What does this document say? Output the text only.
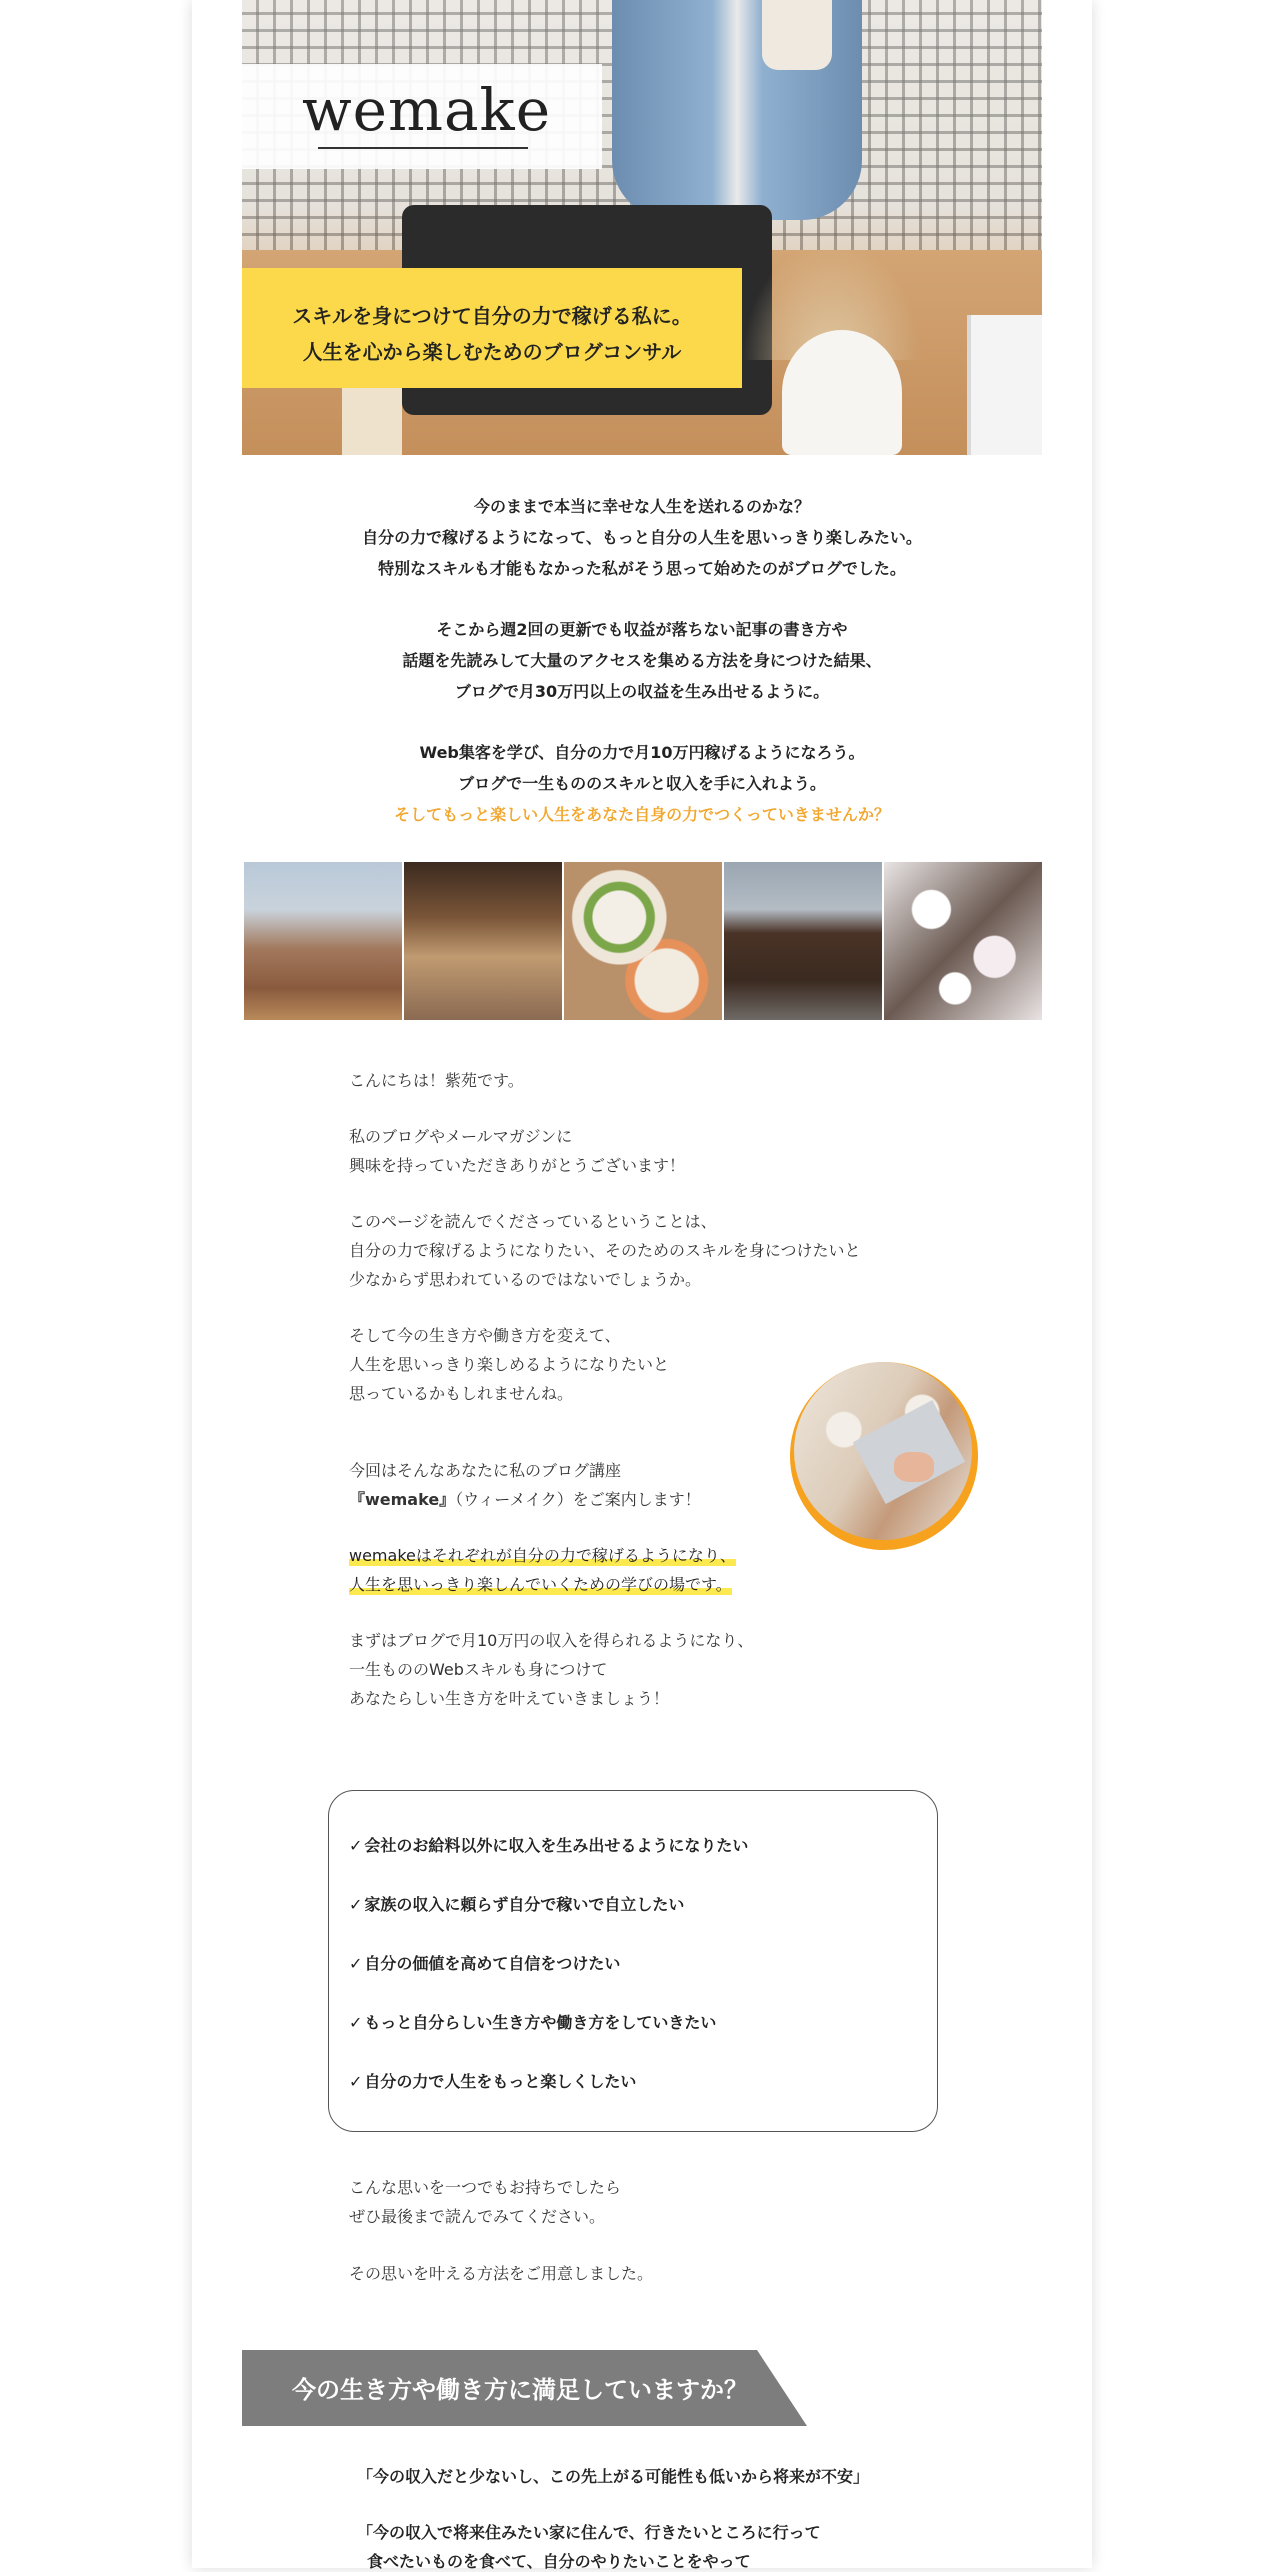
wemake
スキルを身につけて自分の力で稼げる私に。
人生を心から楽しむためのブログコンサル
今のままで本当に幸せな人生を送れるのかな？
自分の力で稼げるようになって、もっと自分の人生を思いっきり楽しみたい。
特別なスキルも才能もなかった私がそう思って始めたのがブログでした。
そこから週2回の更新でも収益が落ちない記事の書き方や
話題を先読みして大量のアクセスを集める方法を身につけた結果、
ブログで月30万円以上の収益を生み出せるように。
Web集客を学び、自分の力で月10万円稼げるようになろう。
ブログで一生もののスキルと収入を手に入れよう。
そしてもっと楽しい人生をあなた自身の力でつくっていきませんか？
こんにちは！紫苑です。
私のブログやメールマガジンに
興味を持っていただきありがとうございます！
このページを読んでくださっているということは、
自分の力で稼げるようになりたい、そのためのスキルを身につけたいと
少なからず思われているのではないでしょうか。
そして今の生き方や働き方を変えて、
人生を思いっきり楽しめるようになりたいと
思っているかもしれませんね。
今回はそんなあなたに私のブログ講座
『wemake』（ウィーメイク）をご案内します！
wemakeはそれぞれが自分の力で稼げるようになり、
人生を思いっきり楽しんでいくための学びの場です。
まずはブログで月10万円の収入を得られるようになり、
一生もののWebスキルも身につけて
あなたらしい生き方を叶えていきましょう！
✓ 会社のお給料以外に収入を生み出せるようになりたい
✓ 家族の収入に頼らず自分で稼いで自立したい
✓ 自分の価値を高めて自信をつけたい
✓ もっと自分らしい生き方や働き方をしていきたい
✓ 自分の力で人生をもっと楽しくしたい
こんな思いを一つでもお持ちでしたら
ぜひ最後まで読んでみてください。
その思いを叶える方法をご用意しました。
今の生き方や働き方に満足していますか？
「今の収入だと少ないし、この先上がる可能性も低いから将来が不安」
「今の収入で将来住みたい家に住んで、行きたいところに行って
食べたいものを食べて、自分のやりたいことをやって
